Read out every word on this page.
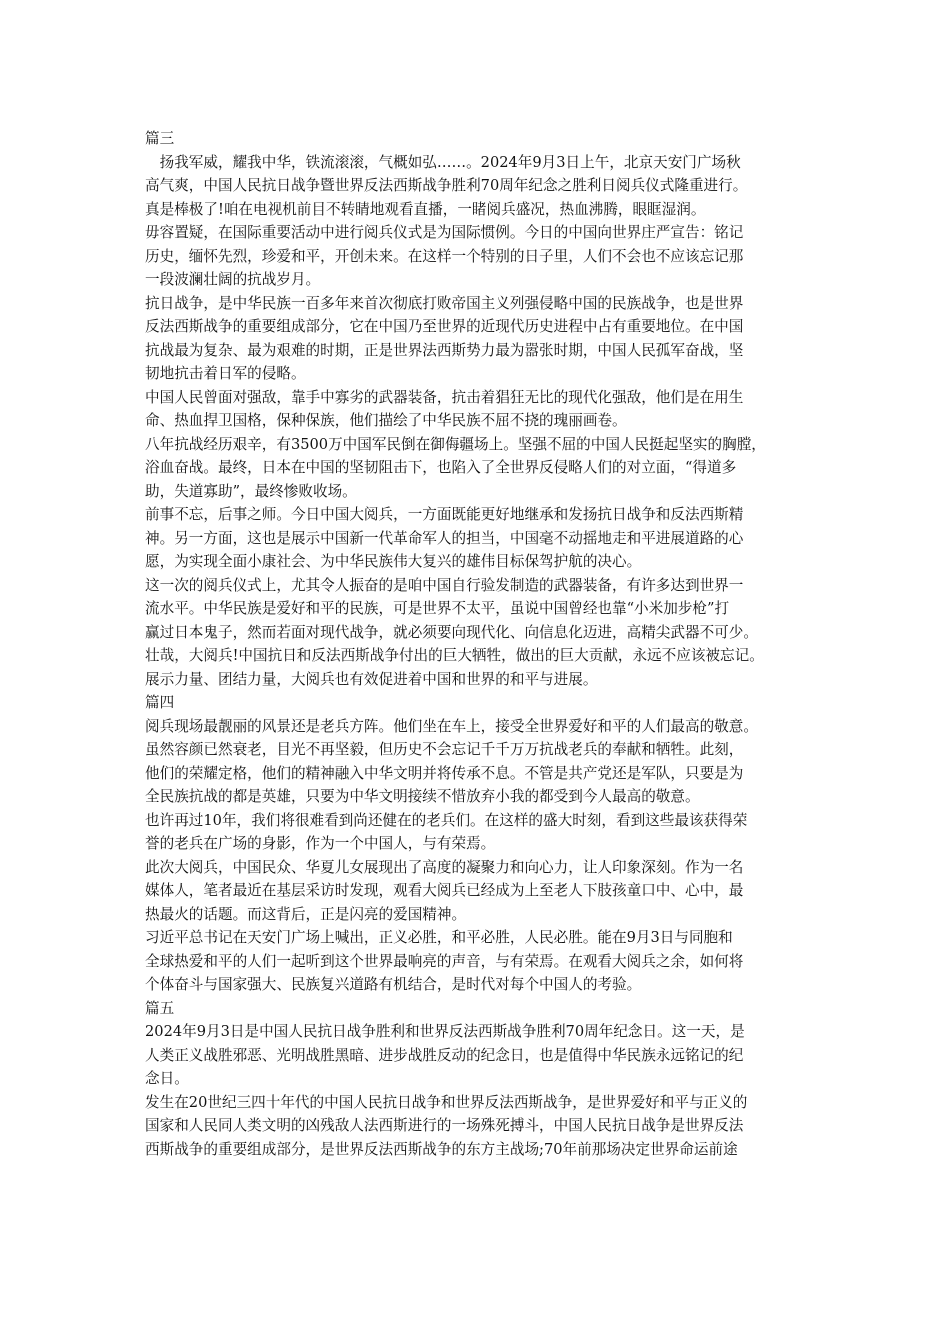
篇三
　扬我军威，耀我中华，铁流滚滚，气概如弘……。2024年9月3日上午，北京天安门广场秋
高气爽，中国人民抗日战争暨世界反法西斯战争胜利70周年纪念之胜利日阅兵仪式隆重进行。
真是棒极了!咱在电视机前目不转睛地观看直播，一睹阅兵盛况，热血沸腾，眼眶湿润。
毋容置疑，在国际重要活动中进行阅兵仪式是为国际惯例。今日的中国向世界庄严宣告：铭记
历史，缅怀先烈，珍爱和平，开创未来。在这样一个特别的日子里，人们不会也不应该忘记那
一段波澜壮阔的抗战岁月。
抗日战争，是中华民族一百多年来首次彻底打败帝国主义列强侵略中国的民族战争，也是世界
反法西斯战争的重要组成部分，它在中国乃至世界的近现代历史进程中占有重要地位。在中国
抗战最为复杂、最为艰难的时期，正是世界法西斯势力最为嚣张时期，中国人民孤军奋战，坚
韧地抗击着日军的侵略。
中国人民曾面对强敌，靠手中寡劣的武器装备，抗击着猖狂无比的现代化强敌，他们是在用生
命、热血捍卫国格，保种保族，他们描绘了中华民族不屈不挠的瑰丽画卷。
八年抗战经历艰辛，有3500万中国军民倒在御侮疆场上。坚强不屈的中国人民挺起坚实的胸膛，
浴血奋战。最终，日本在中国的坚韧阻击下，也陷入了全世界反侵略人们的对立面，“得道多
助，失道寡助”，最终惨败收场。
前事不忘，后事之师。今日中国大阅兵，一方面既能更好地继承和发扬抗日战争和反法西斯精
神。另一方面，这也是展示中国新一代革命军人的担当，中国毫不动摇地走和平进展道路的心
愿，为实现全面小康社会、为中华民族伟大复兴的雄伟目标保驾护航的决心。
这一次的阅兵仪式上，尤其令人振奋的是咱中国自行验发制造的武器装备，有许多达到世界一
流水平。中华民族是爱好和平的民族，可是世界不太平，虽说中国曾经也靠“小米加步枪”打
赢过日本鬼子，然而若面对现代战争，就必须要向现代化、向信息化迈进，高精尖武器不可少。
壮哉，大阅兵!中国抗日和反法西斯战争付出的巨大牺牲，做出的巨大贡献，永远不应该被忘记。
展示力量、团结力量，大阅兵也有效促进着中国和世界的和平与进展。
篇四
阅兵现场最靓丽的风景还是老兵方阵。他们坐在车上，接受全世界爱好和平的人们最高的敬意。
虽然容颜已然衰老，目光不再坚毅，但历史不会忘记千千万万抗战老兵的奉献和牺牲。此刻，
他们的荣耀定格，他们的精神融入中华文明并将传承不息。不管是共产党还是军队，只要是为
全民族抗战的都是英雄，只要为中华文明接续不惜放弃小我的都受到今人最高的敬意。
也许再过10年，我们将很难看到尚还健在的老兵们。在这样的盛大时刻，看到这些最该获得荣
誉的老兵在广场的身影，作为一个中国人，与有荣焉。
此次大阅兵，中国民众、华夏儿女展现出了高度的凝聚力和向心力，让人印象深刻。作为一名
媒体人，笔者最近在基层采访时发现，观看大阅兵已经成为上至老人下肢孩童口中、心中，最
热最火的话题。而这背后，正是闪亮的爱国精神。
习近平总书记在天安门广场上喊出，正义必胜，和平必胜，人民必胜。能在9月3日与同胞和
全球热爱和平的人们一起听到这个世界最响亮的声音，与有荣焉。在观看大阅兵之余，如何将
个体奋斗与国家强大、民族复兴道路有机结合，是时代对每个中国人的考验。
篇五
2024年9月3日是中国人民抗日战争胜利和世界反法西斯战争胜利70周年纪念日。这一天，是
人类正义战胜邪恶、光明战胜黑暗、进步战胜反动的纪念日，也是值得中华民族永远铭记的纪
念日。
发生在20世纪三四十年代的中国人民抗日战争和世界反法西斯战争，是世界爱好和平与正义的
国家和人民同人类文明的凶残敌人法西斯进行的一场殊死搏斗，中国人民抗日战争是世界反法
西斯战争的重要组成部分，是世界反法西斯战争的东方主战场;70年前那场决定世界命运前途
